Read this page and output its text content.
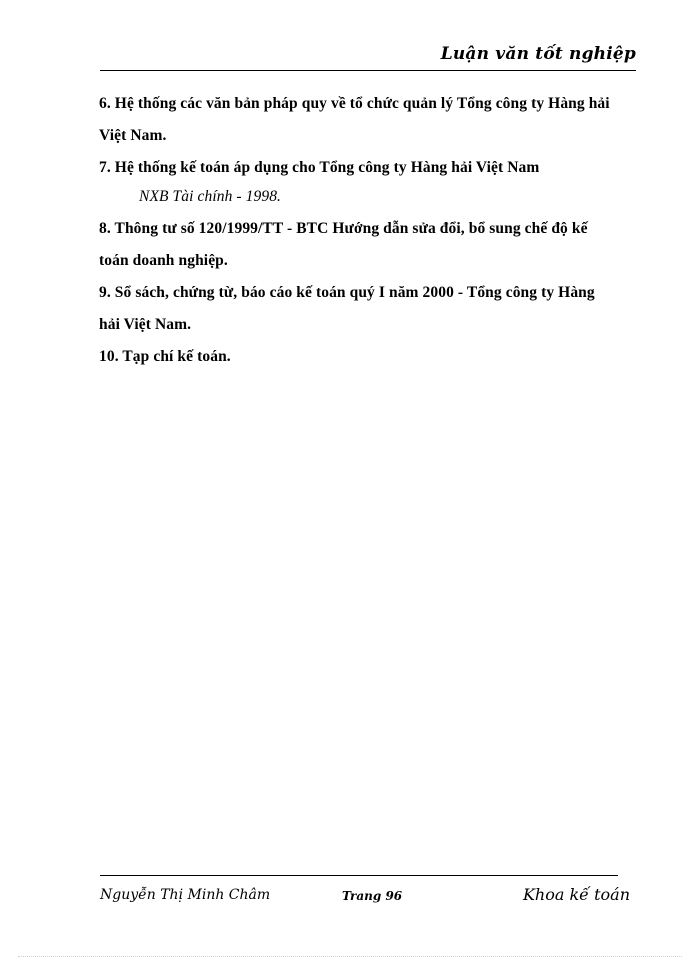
Luận văn tốt nghiệp

6. Hệ thống các văn bản pháp quy về tổ chức quản lý Tổng công ty Hàng hải

Việt Nam.

7. Hệ thống kế toán áp dụng cho Tổng công ty Hàng hải Việt Nam

NXB Tài chính - 1998.

8. Thông tư số 120/1999/TT - BTC Hướng dẫn sửa đổi, bổ sung chế độ kế

toán doanh nghiệp.

9. Sổ sách, chứng từ, báo cáo kế toán quý I năm 2000 - Tổng công ty Hàng

hải Việt Nam.

10. Tạp chí kế toán.

Nguyễn Thị Minh Châm	Trang 96	Khoa kế toán
